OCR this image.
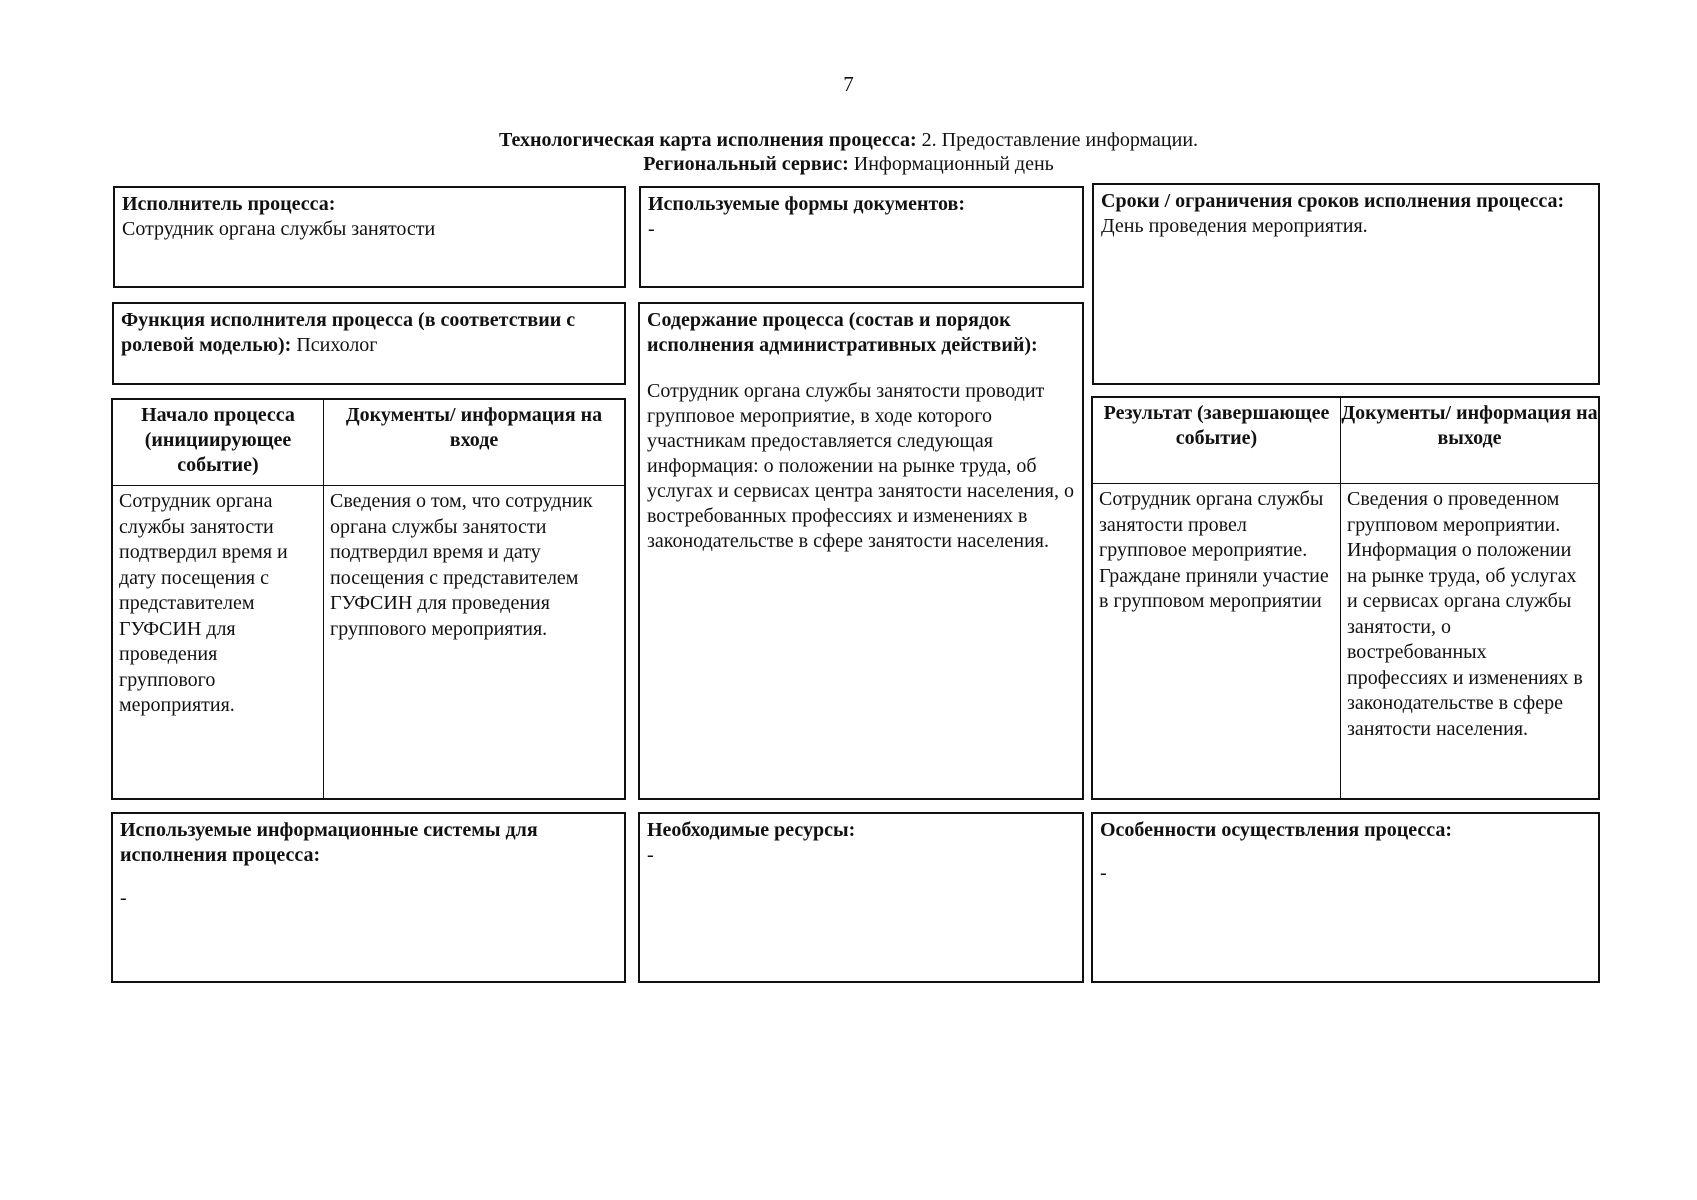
7
Технологическая карта исполнения процесса: 2. Предоставление информации.
Региональный сервис: Информационный день
Исполнитель процесса:
Сотрудник органа службы занятости
Используемые формы документов:
-
Сроки / ограничения сроков исполнения процесса:
День проведения мероприятия.
Функция исполнителя процесса (в соответствии с ролевой моделью): Психолог
Содержание процесса (состав и порядок исполнения административных действий):
Сотрудник органа службы занятости проводит групповое мероприятие, в ходе которого участникам предоставляется следующая информация: о положении на рынке труда, об услугах и сервисах центра занятости населения, о востребованных профессиях и изменениях в законодательстве в сфере занятости населения.
Начало процесса (инициирующее событие)
Сотрудник органа службы занятости подтвердил время и дату посещения с представителем ГУФСИН для проведения группового мероприятия.
Документы/ информация на входе
Сведения о том, что сотрудник органа службы занятости подтвердил время и дату посещения с представителем ГУФСИН для проведения группового мероприятия.
Результат (завершающее событие)
Сотрудник органа службы занятости провел групповое мероприятие. Граждане приняли участие в групповом мероприятии
Документы/ информация на выходе
Сведения о проведенном групповом мероприятии. Информация о положении на рынке труда, об услугах и сервисах органа службы занятости, о востребованных профессиях и изменениях в законодательстве в сфере занятости населения.
Используемые информационные системы для исполнения процесса:
-
Необходимые ресурсы:
-
Особенности осуществления процесса:
-
